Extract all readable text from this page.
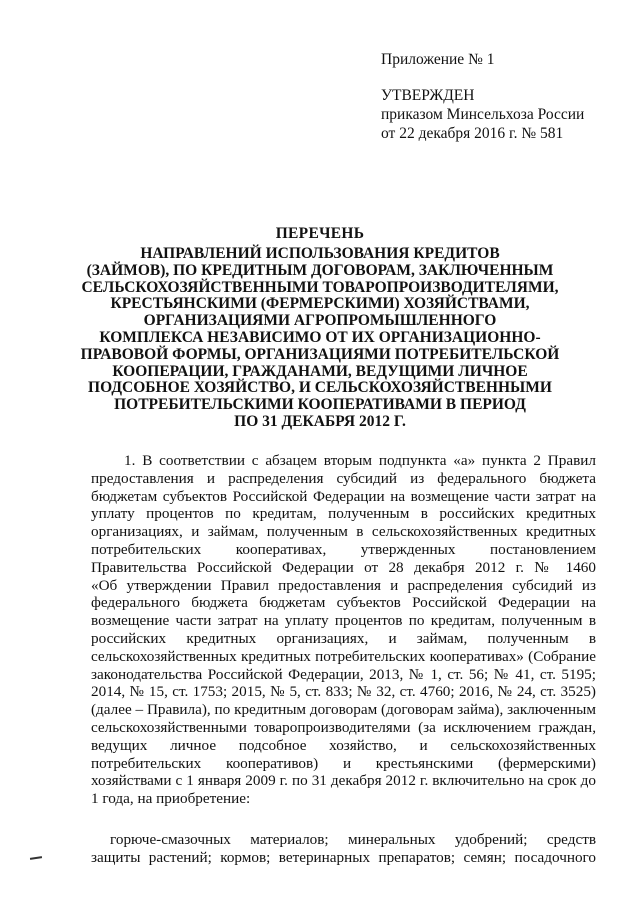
Приложение № 1
УТВЕРЖДЕН
приказом Минсельхоза России
от 22 декабря 2016 г. № 581
ПЕРЕЧЕНЬ
НАПРАВЛЕНИЙ ИСПОЛЬЗОВАНИЯ КРЕДИТОВ
(ЗАЙМОВ), ПО КРЕДИТНЫМ ДОГОВОРАМ, ЗАКЛЮЧЕННЫМ
СЕЛЬСКОХОЗЯЙСТВЕННЫМИ ТОВАРОПРОИЗВОДИТЕЛЯМИ,
КРЕСТЬЯНСКИМИ (ФЕРМЕРСКИМИ) ХОЗЯЙСТВАМИ,
ОРГАНИЗАЦИЯМИ АГРОПРОМЫШЛЕННОГО
КОМПЛЕКСА НЕЗАВИСИМО ОТ ИХ ОРГАНИЗАЦИОННО-
ПРАВОВОЙ ФОРМЫ, ОРГАНИЗАЦИЯМИ ПОТРЕБИТЕЛЬСКОЙ
КООПЕРАЦИИ, ГРАЖДАНАМИ, ВЕДУЩИМИ ЛИЧНОЕ
ПОДСОБНОЕ ХОЗЯЙСТВО, И СЕЛЬСКОХОЗЯЙСТВЕННЫМИ
ПОТРЕБИТЕЛЬСКИМИ КООПЕРАТИВАМИ В ПЕРИОД
ПО 31 ДЕКАБРЯ 2012 Г.
1. В соответствии с абзацем вторым подпункта «а» пункта 2 Правил
предоставления и распределения субсидий из федерального бюджета
бюджетам субъектов Российской Федерации на возмещение части затрат на
уплату процентов по кредитам, полученным в российских кредитных
организациях, и займам, полученным в сельскохозяйственных кредитных
потребительских кооперативах, утвержденных постановлением
Правительства Российской Федерации от 28 декабря 2012 г. № 1460
«Об утверждении Правил предоставления и распределения субсидий из
федерального бюджета бюджетам субъектов Российской Федерации на
возмещение части затрат на уплату процентов по кредитам, полученным в
российских кредитных организациях, и займам, полученным в
сельскохозяйственных кредитных потребительских кооперативах» (Собрание
законодательства Российской Федерации, 2013, № 1, ст. 56; № 41, ст. 5195;
2014, № 15, ст. 1753; 2015, № 5, ст. 833; № 32, ст. 4760; 2016, № 24, ст. 3525)
(далее – Правила), по кредитным договорам (договорам займа), заключенным
сельскохозяйственными товаропроизводителями (за исключением граждан,
ведущих личное подсобное хозяйство, и сельскохозяйственных
потребительских кооперативов) и крестьянскими (фермерскими)
хозяйствами с 1 января 2009 г. по 31 декабря 2012 г. включительно на срок до
1 года, на приобретение:
горюче-смазочных материалов; минеральных удобрений; средств
защиты растений; кормов; ветеринарных препаратов; семян; посадочного
